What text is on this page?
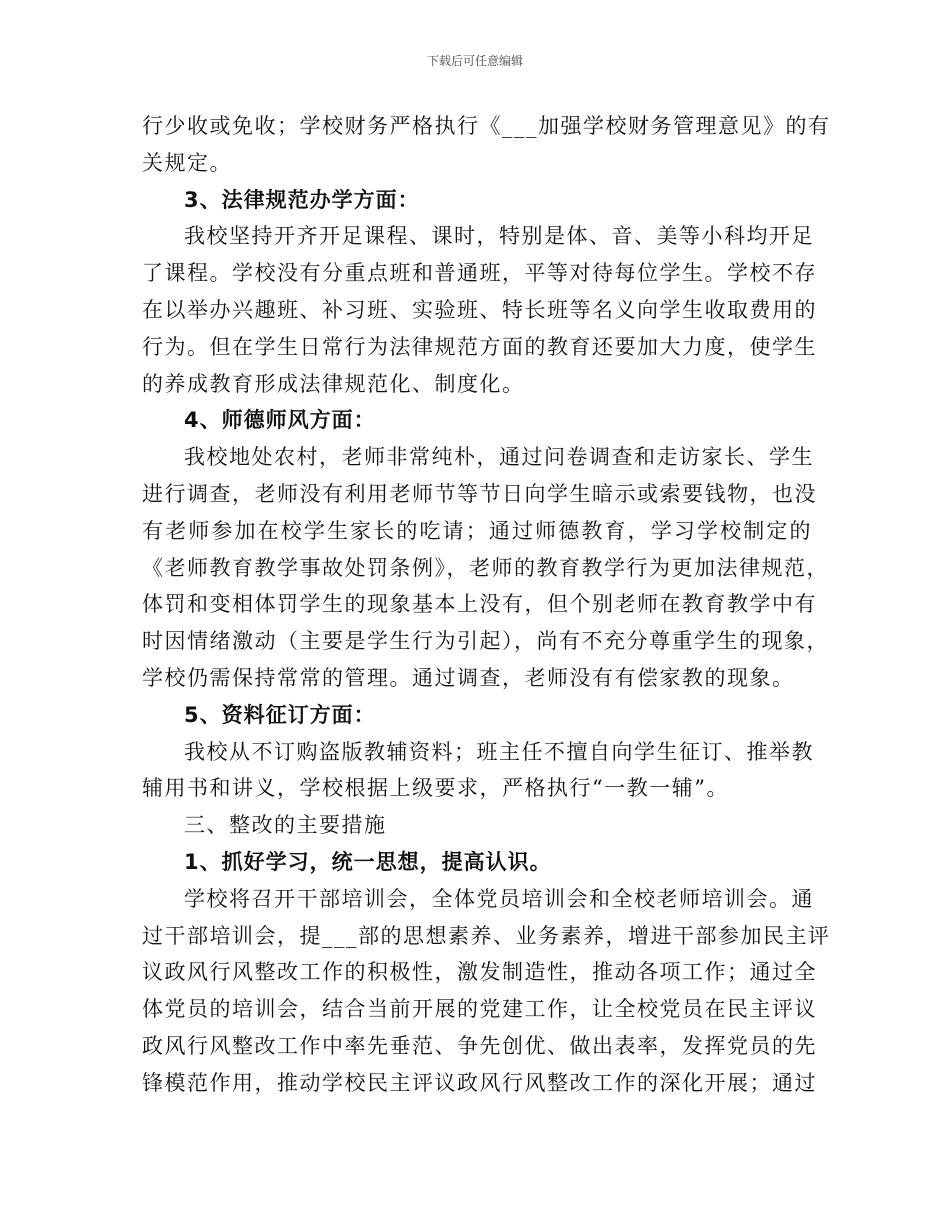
下载后可任意编辑
行少收或免收；学校财务严格执行《___加强学校财务管理意见》的有
关规定。
3、法律规范办学方面：
我校坚持开齐开足课程、课时，特别是体、音、美等小科均开足
了课程。学校没有分重点班和普通班，平等对待每位学生。学校不存
在以举办兴趣班、补习班、实验班、特长班等名义向学生收取费用的
行为。但在学生日常行为法律规范方面的教育还要加大力度，使学生
的养成教育形成法律规范化、制度化。
4、师德师风方面：
我校地处农村，老师非常纯朴，通过问卷调查和走访家长、学生
进行调查，老师没有利用老师节等节日向学生暗示或索要钱物，也没
有老师参加在校学生家长的吃请；通过师德教育，学习学校制定的
《老师教育教学事故处罚条例》，老师的教育教学行为更加法律规范，
体罚和变相体罚学生的现象基本上没有，但个别老师在教育教学中有
时因情绪激动（主要是学生行为引起），尚有不充分尊重学生的现象，
学校仍需保持常常的管理。通过调查，老师没有有偿家教的现象。
5、资料征订方面：
我校从不订购盗版教辅资料；班主任不擅自向学生征订、推举教
辅用书和讲义，学校根据上级要求，严格执行“一教一辅”。
三、整改的主要措施
1、抓好学习，统一思想，提高认识。
学校将召开干部培训会，全体党员培训会和全校老师培训会。通
过干部培训会，提___部的思想素养、业务素养，增进干部参加民主评
议政风行风整改工作的积极性，激发制造性，推动各项工作；通过全
体党员的培训会，结合当前开展的党建工作，让全校党员在民主评议
政风行风整改工作中率先垂范、争先创优、做出表率，发挥党员的先
锋模范作用，推动学校民主评议政风行风整改工作的深化开展；通过
